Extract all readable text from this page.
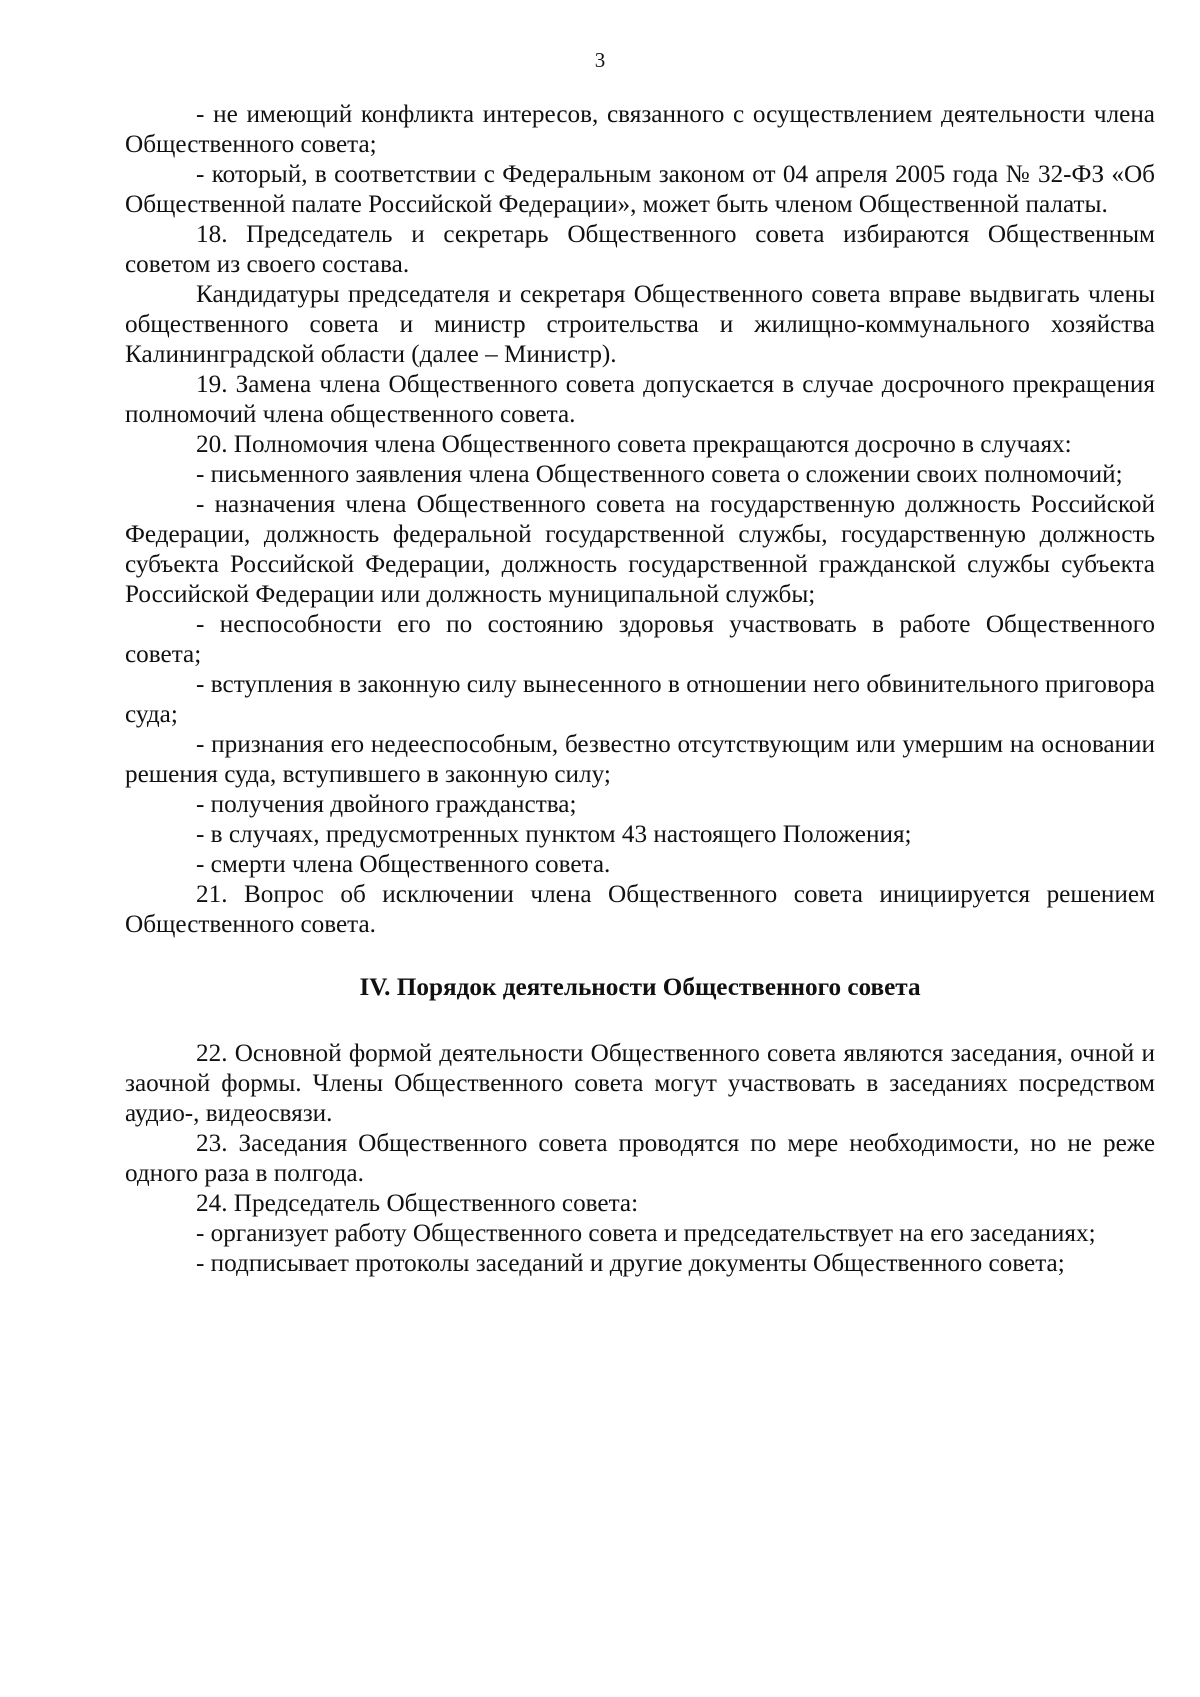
3

- не имеющий конфликта интересов, связанного с осуществлением деятельности члена Общественного совета;

- который, в соответствии с Федеральным законом от 04 апреля 2005 года № 32-ФЗ «Об Общественной палате Российской Федерации», может быть членом Общественной палаты.

18. Председатель и секретарь Общественного совета избираются Общественным советом из своего состава.

Кандидатуры председателя и секретаря Общественного совета вправе выдвигать члены общественного совета и министр строительства и жилищно-коммунального хозяйства Калининградской области (далее – Министр).

19. Замена члена Общественного совета допускается в случае досрочного прекращения полномочий члена общественного совета.

20. Полномочия члена Общественного совета прекращаются досрочно в случаях:

- письменного заявления члена Общественного совета о сложении своих полномочий;

- назначения члена Общественного совета на государственную должность Российской Федерации, должность федеральной государственной службы, государственную должность субъекта Российской Федерации, должность государственной гражданской службы субъекта Российской Федерации или должность муниципальной службы;

- неспособности его по состоянию здоровья участвовать в работе Общественного совета;

- вступления в законную силу вынесенного в отношении него обвинительного приговора суда;

- признания его недееспособным, безвестно отсутствующим или умершим на основании решения суда, вступившего в законную силу;

- получения двойного гражданства;

- в случаях, предусмотренных пунктом 43 настоящего Положения;

- смерти члена Общественного совета.

21. Вопрос об исключении члена Общественного совета инициируется решением Общественного совета.

IV. Порядок деятельности Общественного совета

22. Основной формой деятельности Общественного совета являются заседания, очной и заочной формы. Члены Общественного совета могут участвовать в заседаниях посредством аудио-, видеосвязи.

23. Заседания Общественного совета проводятся по мере необходимости, но не реже одного раза в полгода.

24. Председатель Общественного совета:

- организует работу Общественного совета и председательствует на его заседаниях;

- подписывает протоколы заседаний и другие документы Общественного совета;
